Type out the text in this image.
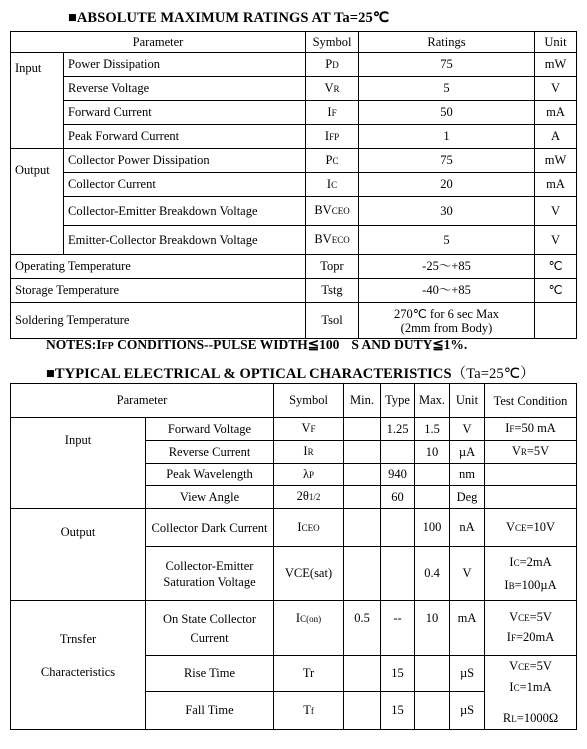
■ABSOLUTE MAXIMUM RATINGS AT Ta=25℃
Parameter		Symbol	Ratings	Unit
Input	Power Dissipation	PD	75	mW
	Reverse Voltage	VR	5	V
	Forward Current	IF	50	mA
	Peak Forward Current	IFP	1	A
Output	Collector Power Dissipation	PC	75	mW
	Collector Current	IC	20	mA
	Collector-Emitter Breakdown Voltage	BVCEO	30	V
	Emitter-Collector Breakdown Voltage	BVECO	5	V
Operating Temperature		Topr	-25～+85	℃
Storage Temperature		Tstg	-40～+85	℃
Soldering Temperature		Tsol	270℃ for 6 sec Max (2mm from Body)	
NOTES:IFP CONDITIONS--PULSE WIDTH≦100 S AND DUTY≦1%.
■TYPICAL ELECTRICAL & OPTICAL CHARACTERISTICS（Ta=25℃）
Parameter		Symbol	Min.	Type	Max.	Unit	Test Condition
Input	Forward Voltage	VF		1.25	1.5	V	IF=50 mA
	Reverse Current	IR			10	µA	VR=5V
	Peak Wavelength	λP		940		nm	
	View Angle	2θ1/2		60		Deg	
Output	Collector Dark Current	ICEO			100	nA	VCE=10V
	Collector-Emitter Saturation Voltage	VCE(sat)			0.4	V	IC=2mA
IB=100µA

Trnsfer
Characteristics	On State Collector Current	IC(on)	0.5	--	10	mA	VCE=5V
IF=20mA

	Rise Time	Tr		15		µS	VCE=5V
IC=1mA
RL=1000Ω

	Fall Time	Tf		15		µS	
